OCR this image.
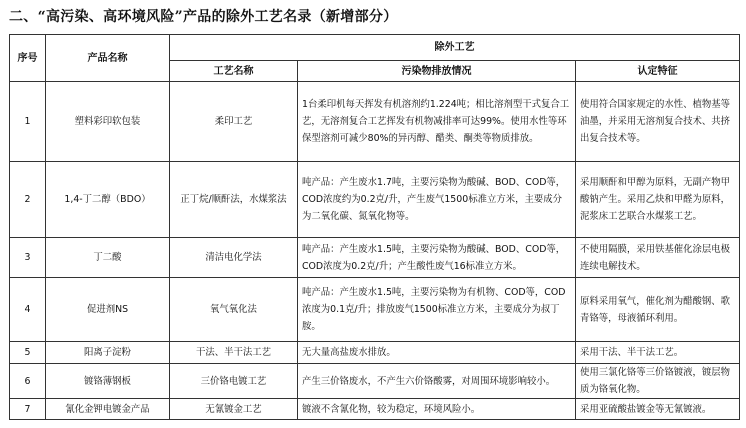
二、“高污染、高环境风险”产品的除外工艺名录（新增部分）
序号	产品名称	除外工艺		
		工艺名称	污染物排放情况	认定特征
1	塑料彩印软包装	柔印工艺	1台柔印机每天挥发有机溶剂约1.224吨；相比溶剂型干式复合工艺，无溶剂复合工艺挥发有机物减排率可达99%。使用水性等环保型溶剂可减少80%的异丙醇、醋类、酮类等物质排放。	使用符合国家规定的水性、植物基等油墨，并采用无溶剂复合技术、共挤出复合技术等。
2	1,4-丁二醇（BDO）	正丁烷/顺酐法，水煤浆法	吨产品：产生废水1.7吨，主要污染物为酸碱、BOD、COD等，COD浓度约为0.2克/升，产生废气1500标准立方米，主要成分为二氧化碳、氮氧化物等。	采用顺酐和甲醇为原料，无副产物甲酸钠产生。采用乙炔和甲醛为原料，泥浆床工艺联合水煤浆工艺。
3	丁二酸	清洁电化学法	吨产品：产生废水1.5吨，主要污染物为酸碱、BOD、COD等，COD浓度为0.2克/升；产生酸性废气16标准立方米。	不使用隔膜，采用铁基催化涂层电极连续电解技术。
4	促进剂NS	氧气氧化法	吨产品：产生废水1.5吨，主要污染物为有机物、COD等，COD浓度为0.1克/升；排放废气1500标准立方米，主要成分为叔丁胺。	原料采用氧气，催化剂为醋酸钢、歌青铬等，母液循环利用。
5	阳离子淀粉	干法、半干法工艺	无大量高盐废水排放。	采用干法、半干法工艺。
6	镀铬薄钢板	三价铬电镀工艺	产生三价铬废水，不产生六价铬酸雾，对周围环境影响较小。	使用三氯化铬等三价铬镀液，镀层物质为铬氧化物。
7	氰化金钾电镀金产品	无氰镀金工艺	镀液不含氰化物，较为稳定，环境风险小。	采用亚硫酸盐镀金等无氰镀液。
